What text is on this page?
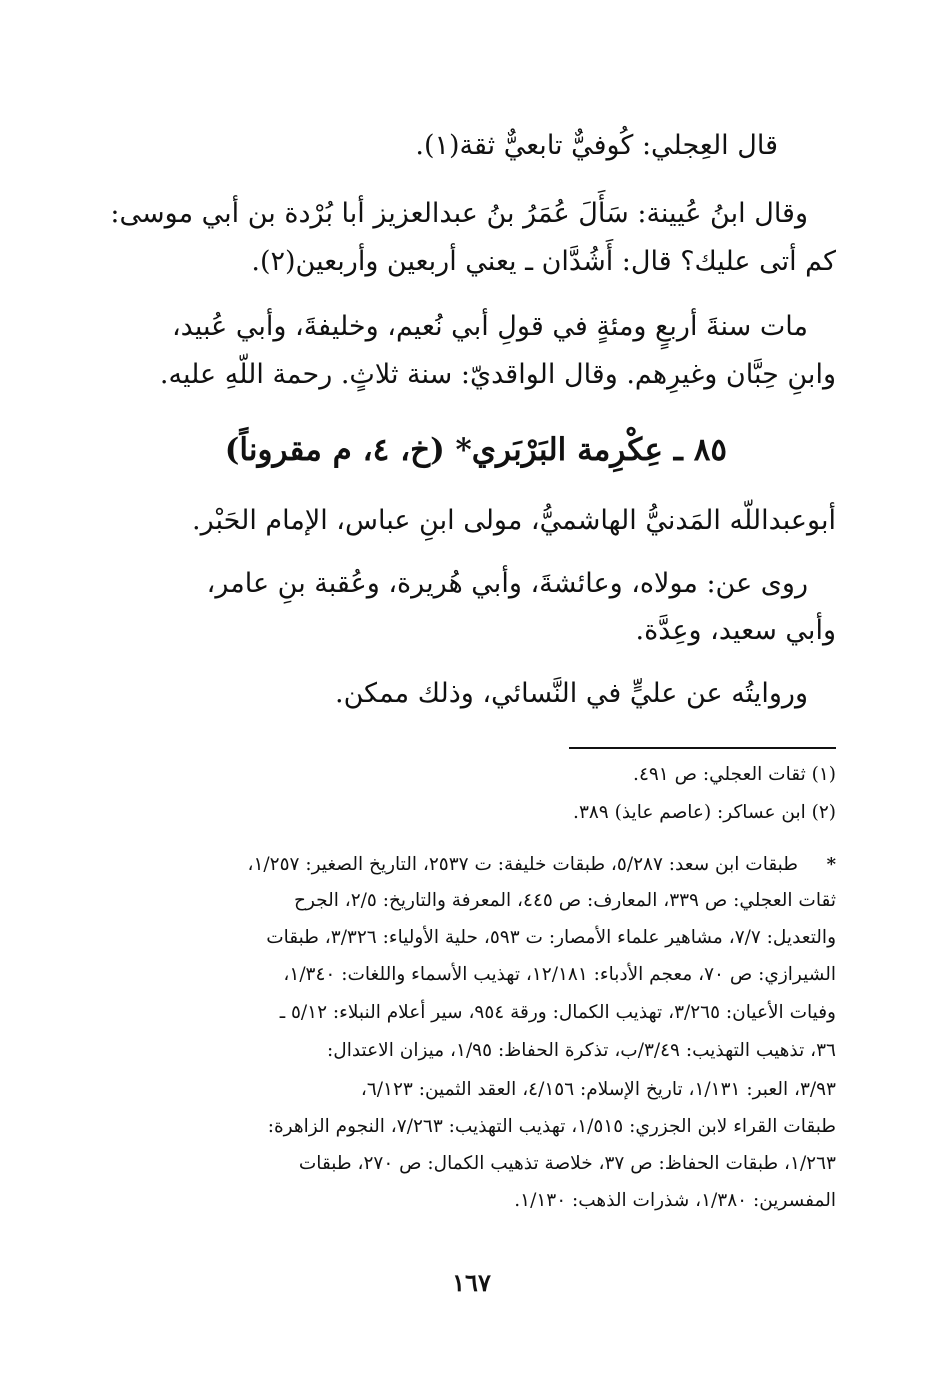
قال العِجلي: كُوفيٌّ تابعيٌّ ثقة(١).
وقال ابنُ عُيينة: سَأَلَ عُمَرُ بنُ عبدالعزيز أبا بُرْدة بن أبي موسى:
كم أتى عليك؟ قال: أَشُدَّان ـ يعني أربعين وأربعين(٢).
مات سنةَ أربعٍ ومئةٍ في قولِ أبي نُعيم، وخليفةَ، وأبي عُبيد،
وابنِ حِبَّان وغيرِهم. وقال الواقديّ: سنة ثلاثٍ. رحمة اللّهِ عليه.
٨٥ ـ عِكْرِمة البَرْبَري* (خ، ٤، م مقروناً)
أبوعبداللّه المَدنيُّ الهاشميُّ، مولى ابنِ عباس، الإمام الحَبْر.
روى عن: مولاه، وعائشةَ، وأبي هُريرة، وعُقبة بنِ عامر،
وأبي سعيد، وعِدَّة.
وروايتُه عن عليٍّ في النَّسائي، وذلك ممكن.
(١) ثقات العجلي: ص ٤٩١.
(٢) ابن عساكر: (عاصم عايذ) ٣٨٩.
*
طبقات ابن سعد: ٥/٢٨٧، طبقات خليفة: ت ٢٥٣٧، التاريخ الصغير: ١/٢٥٧،
ثقات العجلي: ص ٣٣٩، المعارف: ص ٤٤٥، المعرفة والتاريخ: ٢/٥، الجرح
والتعديل: ٧/٧، مشاهير علماء الأمصار: ت ٥٩٣، حلية الأولياء: ٣/٣٢٦، طبقات
الشيرازي: ص ٧٠، معجم الأدباء: ١٢/١٨١، تهذيب الأسماء واللغات: ١/٣٤٠،
وفيات الأعيان: ٣/٢٦٥، تهذيب الكمال: ورقة ٩٥٤، سير أعلام النبلاء: ٥/١٢ ـ
٣٦، تذهيب التهذيب: ٣/٤٩/ب، تذكرة الحفاظ: ١/٩٥، ميزان الاعتدال:
٣/٩٣، العبر: ١/١٣١، تاريخ الإسلام: ٤/١٥٦، العقد الثمين: ٦/١٢٣،
طبقات القراء لابن الجزري: ١/٥١٥، تهذيب التهذيب: ٧/٢٦٣، النجوم الزاهرة:
١/٢٦٣، طبقات الحفاظ: ص ٣٧، خلاصة تذهيب الكمال: ص ٢٧٠، طبقات
المفسرين: ١/٣٨٠، شذرات الذهب: ١/١٣٠.
١٦٧
